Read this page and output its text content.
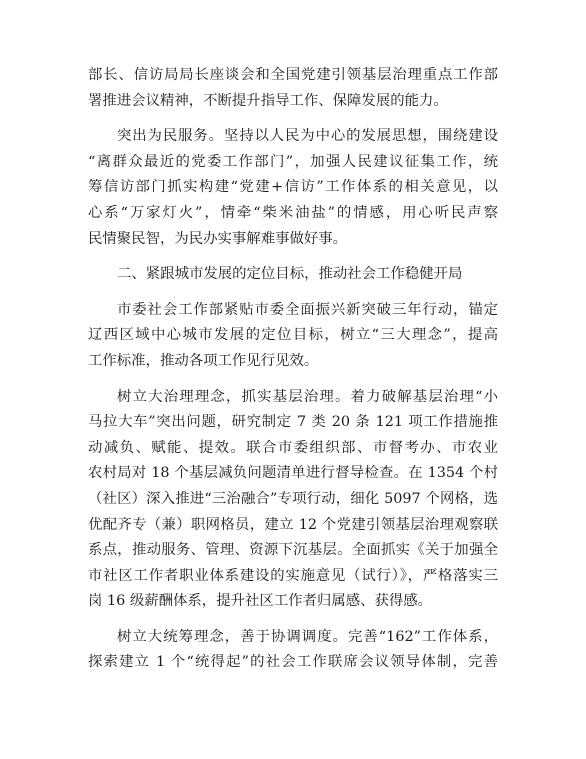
部长、信访局局长座谈会和全国党建引领基层治理重点工作部
署推进会议精神，不断提升指导工作、保障发展的能力。
突出为民服务。坚持以人民为中心的发展思想，围绕建设
“离群众最近的党委工作部门”，加强人民建议征集工作，统
筹信访部门抓实构建“党建+信访”工作体系的相关意见，以
心系“万家灯火”，情牵“柴米油盐”的情感，用心听民声察
民情聚民智，为民办实事解难事做好事。
二、紧跟城市发展的定位目标，推动社会工作稳健开局
市委社会工作部紧贴市委全面振兴新突破三年行动，锚定
辽西区域中心城市发展的定位目标，树立“三大理念”，提高
工作标准，推动各项工作见行见效。
树立大治理理念，抓实基层治理。着力破解基层治理“小
马拉大车”突出问题，研究制定 7 类 20 条 121 项工作措施推
动减负、赋能、提效。联合市委组织部、市督考办、市农业
农村局对 18 个基层减负问题清单进行督导检查。在 1354 个村
（社区）深入推进“三治融合”专项行动，细化 5097 个网格，选
优配齐专（兼）职网格员，建立 12 个党建引领基层治理观察联
系点，推动服务、管理、资源下沉基层。全面抓实《关于加强全
市社区工作者职业体系建设的实施意见（试行）》，严格落实三
岗 16 级薪酬体系，提升社区工作者归属感、获得感。
树立大统筹理念，善于协调调度。完善“162”工作体系，
探索建立 1 个“统得起”的社会工作联席会议领导体制，完善
